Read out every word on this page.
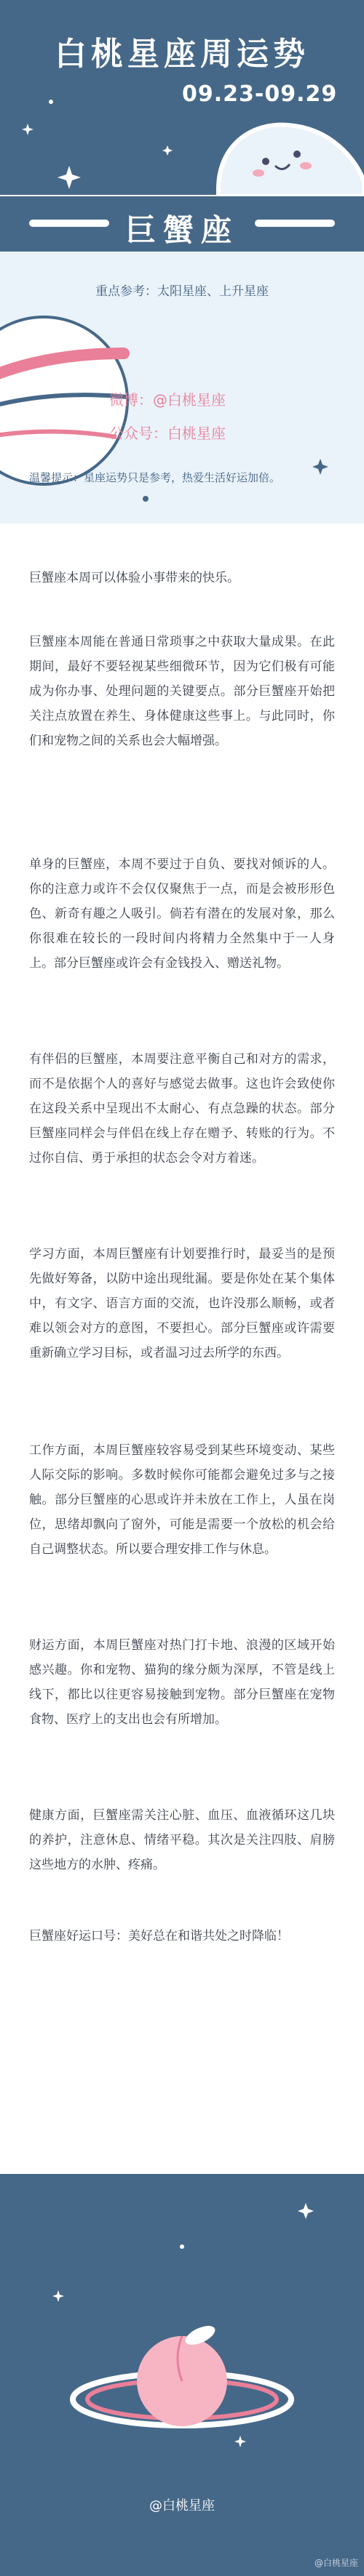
白桃星座周运势
09.23-09.29
巨蟹座
重点参考：太阳星座、上升星座
微博：@白桃星座
公众号：白桃星座
温馨提示：星座运势只是参考，热爱生活好运加倍。

巨蟹座本周可以体验小事带来的快乐。

巨蟹座本周能在普通日常琐事之中获取大量成果。在此期间，最好不要轻视某些细微环节，因为它们极有可能成为你办事、处理问题的关键要点。部分巨蟹座开始把关注点放置在养生、身体健康这些事上。与此同时，你们和宠物之间的关系也会大幅增强。

单身的巨蟹座，本周不要过于自负、要找对倾诉的人。你的注意力或许不会仅仅聚焦于一点，而是会被形形色色、新奇有趣之人吸引。倘若有潜在的发展对象，那么你很难在较长的一段时间内将精力全然集中于一人身上。部分巨蟹座或许会有金钱投入、赠送礼物。

有伴侣的巨蟹座，本周要注意平衡自己和对方的需求，而不是依据个人的喜好与感觉去做事。这也许会致使你在这段关系中呈现出不太耐心、有点急躁的状态。部分巨蟹座同样会与伴侣在线上存在赠予、转账的行为。不过你自信、勇于承担的状态会令对方着迷。

学习方面，本周巨蟹座有计划要推行时，最妥当的是预先做好筹备，以防中途出现纰漏。要是你处在某个集体中，有文字、语言方面的交流，也许没那么顺畅，或者难以领会对方的意图，不要担心。部分巨蟹座或许需要重新确立学习目标，或者温习过去所学的东西。

工作方面，本周巨蟹座较容易受到某些环境变动、某些人际交际的影响。多数时候你可能都会避免过多与之接触。部分巨蟹座的心思或许并未放在工作上，人虽在岗位，思绪却飘向了窗外，可能是需要一个放松的机会给自己调整状态。所以要合理安排工作与休息。

财运方面，本周巨蟹座对热门打卡地、浪漫的区域开始感兴趣。你和宠物、猫狗的缘分颇为深厚，不管是线上线下，都比以往更容易接触到宠物。部分巨蟹座在宠物食物、医疗上的支出也会有所增加。

健康方面，巨蟹座需关注心脏、血压、血液循环这几块的养护，注意休息、情绪平稳。其次是关注四肢、肩膀这些地方的水肿、疼痛。

巨蟹座好运口号：美好总在和谐共处之时降临！

@白桃星座
@白桃星座
